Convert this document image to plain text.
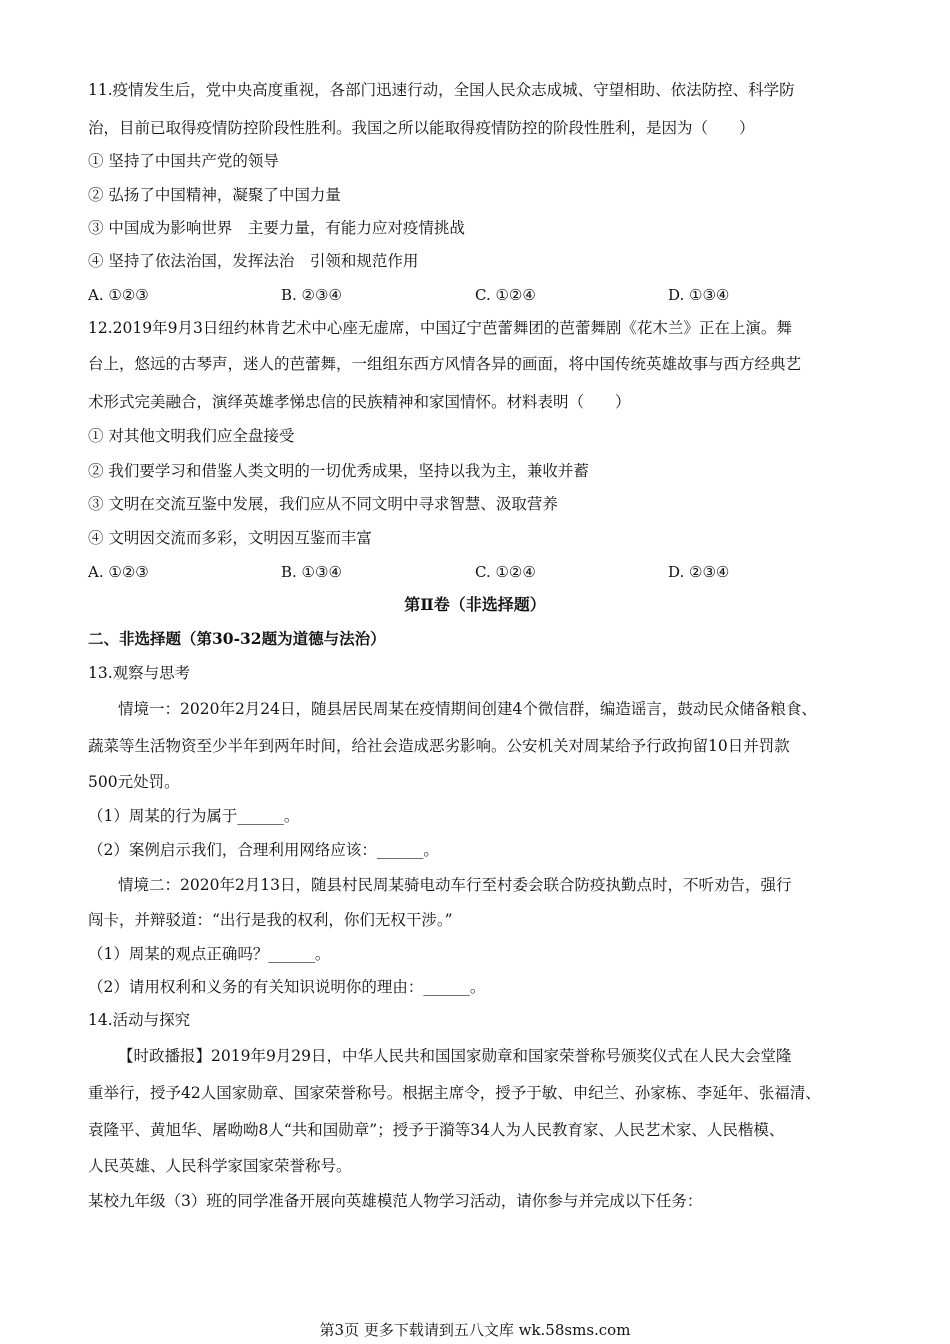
11.疫情发生后，党中央高度重视，各部门迅速行动，全国人民众志成城、守望相助、依法防控、科学防
治，目前已取得疫情防控阶段性胜利。我国之所以能取得疫情防控的阶段性胜利，是因为（　　）
① 坚持了中国共产党的领导
② 弘扬了中国精神，凝聚了中国力量
③ 中国成为影响世界　主要力量，有能力应对疫情挑战
④ 坚持了依法治国，发挥法治　引领和规范作用
A. ①②③	B. ②③④	C. ①②④	D. ①③④
12.2019年9月3日纽约林肯艺术中心座无虚席，中国辽宁芭蕾舞团的芭蕾舞剧《花木兰》正在上演。舞
台上，悠远的古琴声，迷人的芭蕾舞，一组组东西方风情各异的画面，将中国传统英雄故事与西方经典艺
术形式完美融合，演绎英雄孝悌忠信的民族精神和家国情怀。材料表明（　　）
① 对其他文明我们应全盘接受
② 我们要学习和借鉴人类文明的一切优秀成果，坚持以我为主，兼收并蓄
③ 文明在交流互鉴中发展，我们应从不同文明中寻求智慧、汲取营养
④ 文明因交流而多彩，文明因互鉴而丰富
A. ①②③	B. ①③④	C. ①②④	D. ②③④
第Ⅱ卷（非选择题）
二、非选择题（第30-32题为道德与法治）
13.观察与思考
情境一：2020年2月24日，随县居民周某在疫情期间创建4个微信群，编造谣言，鼓动民众储备粮食、
蔬菜等生活物资至少半年到两年时间，给社会造成恶劣影响。公安机关对周某给予行政拘留10日并罚款
500元处罚。
（1）周某的行为属于______。
（2）案例启示我们，合理利用网络应该：______。
情境二：2020年2月13日，随县村民周某骑电动车行至村委会联合防疫执勤点时，不听劝告，强行
闯卡，并辩驳道：“出行是我的权利，你们无权干涉。”
（1）周某的观点正确吗？______。
（2）请用权利和义务的有关知识说明你的理由：______。
14.活动与探究
【时政播报】2019年9月29日，中华人民共和国国家勋章和国家荣誉称号颁奖仪式在人民大会堂隆
重举行，授予42人国家勋章、国家荣誉称号。根据主席令，授予于敏、申纪兰、孙家栋、李延年、张福清、
袁隆平、黄旭华、屠呦呦8人“共和国勋章”；授予于漪等34人为人民教育家、人民艺术家、人民楷模、
人民英雄、人民科学家国家荣誉称号。
某校九年级（3）班的同学准备开展向英雄模范人物学习活动，请你参与并完成以下任务：
第3页 更多下载请到五八文库 wk.58sms.com
